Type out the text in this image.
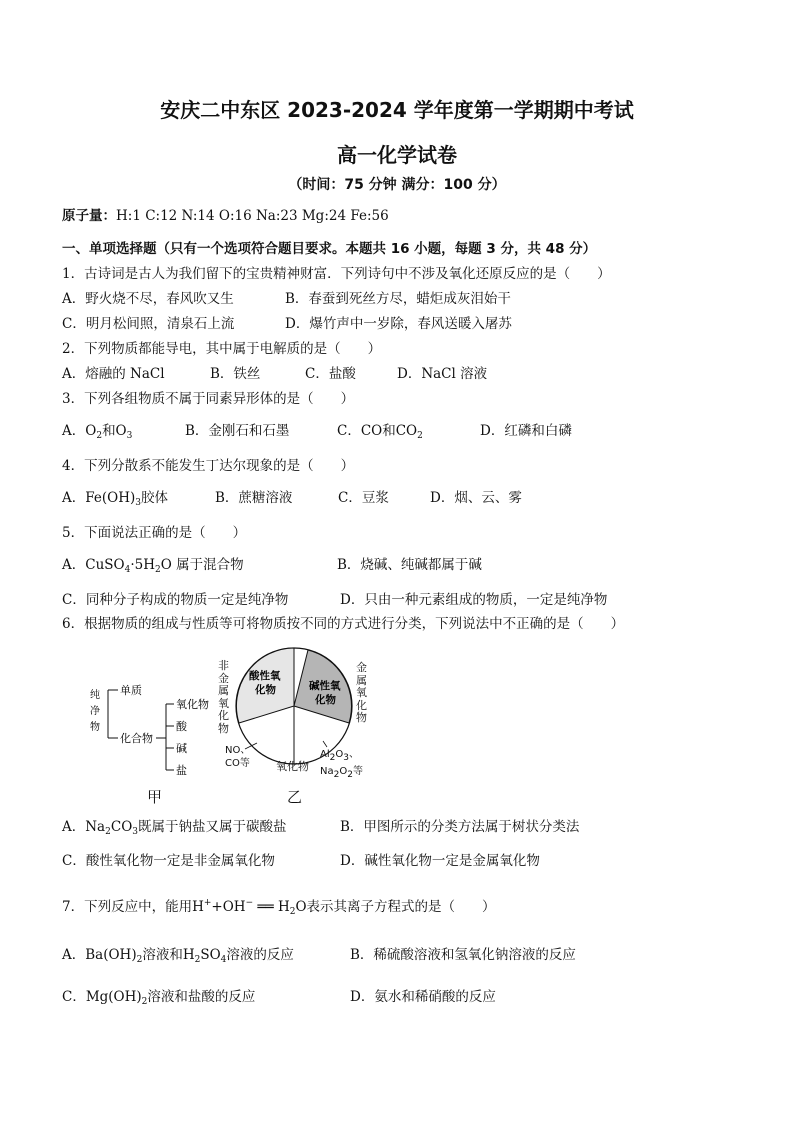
安庆二中东区 2023-2024 学年度第一学期期中考试
高一化学试卷
（时间：75 分钟 满分：100 分）
原子量：H:1 C:12 N:14 O:16 Na:23 Mg:24 Fe:56
一、单项选择题（只有一个选项符合题目要求。本题共 16 小题，每题 3 分，共 48 分）
1．古诗词是古人为我们留下的宝贵精神财富．下列诗句中不涉及氧化还原反应的是（　　）
A．野火烧不尽，春风吹又生	B．春蚕到死丝方尽，蜡炬成灰泪始干
C．明月松间照，清泉石上流	D．爆竹声中一岁除，春风送暖入屠苏
2．下列物质都能导电，其中属于电解质的是（　　）
A．熔融的 NaCl	B．铁丝	C．盐酸	D．NaCl 溶液
3．下列各组物质不属于同素异形体的是（　　）
A．$O_2$和$O_3$	B．金刚石和石墨	C．CO和$CO_2$	D．红磷和白磷
4．下列分散系不能发生丁达尔现象的是（　　）
A．$Fe(OH)_3$胶体	B．蔗糖溶液	C．豆浆	D．烟、云、雾
5．下面说法正确的是（　　）
A．$CuSO_4\cdot 5H_2O$ 属于混合物	B．烧碱、纯碱都属于碱
C．同种分子构成的物质一定是纯净物	D．只由一种元素组成的物质，一定是纯净物
6．根据物质的组成与性质等可将物质按不同的方式进行分类，下列说法中不正确的是（　　）
纯
净
物
单质
化合物
氧化物
酸
碱
盐
甲
酸性氧
化物	碱性氧
化物
非
金
属
氧
化
物
金
属
氧
化
物
NO、CO等	氧化物
$Al_2O_3$、
$Na_2O_2$等
乙
A．$Na_2CO_3$既属于钠盐又属于碳酸盐	B．甲图所示的分类方法属于树状分类法
C．酸性氧化物一定是非金属氧化物	D．碱性氧化物一定是金属氧化物
7．下列反应中，能用H++OH− ══ $H_2O$表示其离子方程式的是（　　）
A．$Ba(OH)_2$溶液和$H_2SO_4$溶液的反应	B．稀硫酸溶液和氢氧化钠溶液的反应
C．$Mg(OH)_2$溶液和盐酸的反应	D．氨水和稀硝酸的反应
